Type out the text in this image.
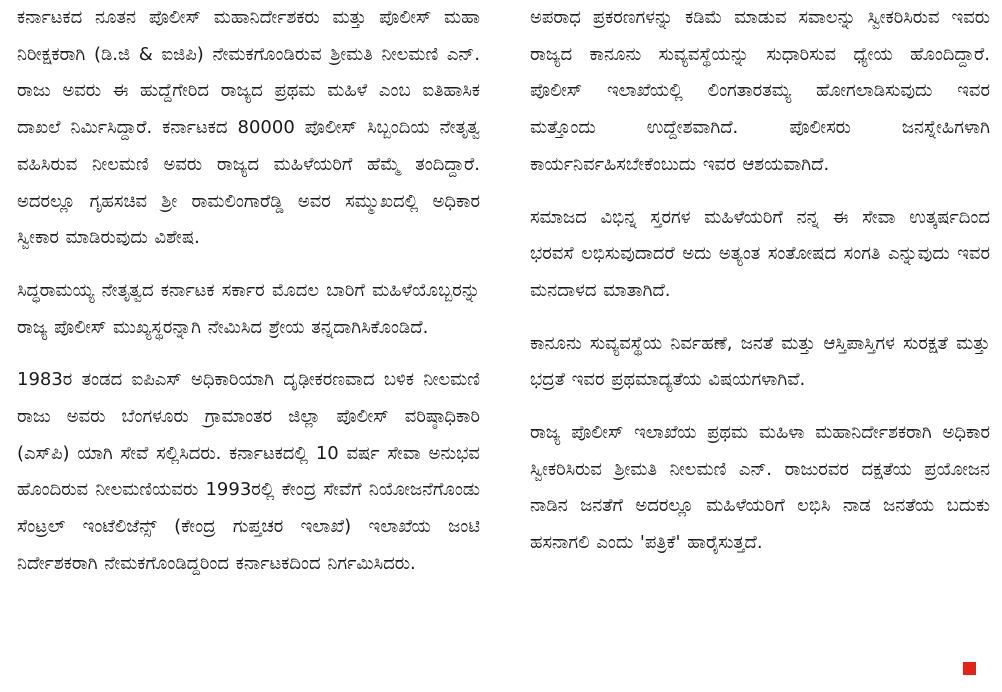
ಕರ್ನಾಟಕದ ನೂತನ ಪೊಲೀಸ್ ಮಹಾನಿರ್ದೇಶಕರು ಮತ್ತು ಪೊಲೀಸ್ ಮಹಾ ನಿರೀಕ್ಷಕರಾಗಿ (ಡಿ.ಜಿ & ಐಜಿಪಿ) ನೇಮಕಗೊಂಡಿರುವ ಶ್ರೀಮತಿ ನೀಲಮಣಿ ಎನ್. ರಾಜು ಅವರು ಈ ಹುದ್ದೆಗೇರಿದ ರಾಜ್ಯದ ಪ್ರಥಮ ಮಹಿಳೆ ಎಂಬ ಐತಿಹಾಸಿಕ ದಾಖಲೆ ನಿರ್ಮಿಸಿದ್ದಾರೆ. ಕರ್ನಾಟಕದ 80000 ಪೊಲೀಸ್ ಸಿಬ್ಬಂದಿಯ ನೇತೃತ್ವ ವಹಿಸಿರುವ ನೀಲಮಣಿ ಅವರು ರಾಜ್ಯದ ಮಹಿಳೆಯರಿಗೆ ಹೆಮ್ಮೆ ತಂದಿದ್ದಾರೆ. ಅದರಲ್ಲೂ ಗೃಹಸಚಿವ ಶ್ರೀ ರಾಮಲಿಂಗಾರೆಡ್ಡಿ ಅವರ ಸಮ್ಮುಖದಲ್ಲಿ ಅಧಿಕಾರ ಸ್ವೀಕಾರ ಮಾಡಿರುವುದು ವಿಶೇಷ.

ಸಿದ್ಧರಾಮಯ್ಯ ನೇತೃತ್ವದ ಕರ್ನಾಟಕ ಸರ್ಕಾರ ಮೊದಲ ಬಾರಿಗೆ ಮಹಿಳೆಯೊಬ್ಬರನ್ನು ರಾಜ್ಯ ಪೊಲೀಸ್ ಮುಖ್ಯಸ್ಥರನ್ನಾಗಿ ನೇಮಿಸಿದ ಶ್ರೇಯ ತನ್ನದಾಗಿಸಿಕೊಂಡಿದೆ.

1983ರ ತಂಡದ ಐಪಿಎಸ್ ಅಧಿಕಾರಿಯಾಗಿ ದೃಢೀಕರಣವಾದ ಬಳಿಕ ನೀಲಮಣಿ ರಾಜು ಅವರು ಬೆಂಗಳೂರು ಗ್ರಾಮಾಂತರ ಜಿಲ್ಲಾ ಪೊಲೀಸ್ ವರಿಷ್ಠಾಧಿಕಾರಿ (ಎಸ್‌ಪಿ) ಯಾಗಿ ಸೇವೆ ಸಲ್ಲಿಸಿದರು. ಕರ್ನಾಟಕದಲ್ಲಿ 10 ವರ್ಷ ಸೇವಾ ಅನುಭವ ಹೊಂದಿರುವ ನೀಲಮಣಿಯವರು 1993ರಲ್ಲಿ ಕೇಂದ್ರ ಸೇವೆಗೆ ನಿಯೋಜನೆಗೊಂಡು ಸೆಂಟ್ರಲ್ ಇಂಟೆಲಿಜೆನ್ಸ್ (ಕೇಂದ್ರ ಗುಪ್ತಚರ ಇಲಾಖೆ) ಇಲಾಖೆಯ ಜಂಟಿ ನಿರ್ದೇಶಕರಾಗಿ ನೇಮಕಗೊಂಡಿದ್ದರಿಂದ ಕರ್ನಾಟಕದಿಂದ ನಿರ್ಗಮಿಸಿದರು.

ಅಪರಾಧ ಪ್ರಕರಣಗಳನ್ನು ಕಡಿಮೆ ಮಾಡುವ ಸವಾಲನ್ನು ಸ್ವೀಕರಿಸಿರುವ ಇವರು ರಾಜ್ಯದ ಕಾನೂನು ಸುವ್ಯವಸ್ಥೆಯನ್ನು ಸುಧಾರಿಸುವ ಧ್ಯೇಯ ಹೊಂದಿದ್ದಾರೆ. ಪೊಲೀಸ್ ಇಲಾಖೆಯಲ್ಲಿ ಲಿಂಗತಾರತಮ್ಯ ಹೋಗಲಾಡಿಸುವುದು ಇವರ ಮತ್ತೊಂದು ಉದ್ದೇಶವಾಗಿದೆ. ಪೊಲೀಸರು ಜನಸ್ನೇಹಿಗಳಾಗಿ ಕಾರ್ಯನಿರ್ವಹಿಸಬೇಕೆಂಬುದು ಇವರ ಆಶಯವಾಗಿದೆ.

ಸಮಾಜದ ವಿಭಿನ್ನ ಸ್ತರಗಳ ಮಹಿಳೆಯರಿಗೆ ನನ್ನ ಈ ಸೇವಾ ಉತ್ಕರ್ಷದಿಂದ ಭರವಸೆ ಲಭಿಸುವುದಾದರೆ ಅದು ಅತ್ಯಂತ ಸಂತೋಷದ ಸಂಗತಿ ಎನ್ನುವುದು ಇವರ ಮನದಾಳದ ಮಾತಾಗಿದೆ.

ಕಾನೂನು ಸುವ್ಯವಸ್ಥೆಯ ನಿರ್ವಹಣೆ, ಜನತೆ ಮತ್ತು ಆಸ್ತಿಪಾಸ್ತಿಗಳ ಸುರಕ್ಷತೆ ಮತ್ತು ಭದ್ರತೆ ಇವರ ಪ್ರಥಮಾದ್ಯತೆಯ ವಿಷಯಗಳಾಗಿವೆ.

ರಾಜ್ಯ ಪೊಲೀಸ್ ಇಲಾಖೆಯ ಪ್ರಥಮ ಮಹಿಳಾ ಮಹಾನಿರ್ದೇಶಕರಾಗಿ ಅಧಿಕಾರ ಸ್ವೀಕರಿಸಿರುವ ಶ್ರೀಮತಿ ನೀಲಮಣಿ ಎನ್. ರಾಜುರವರ ದಕ್ಷತೆಯ ಪ್ರಯೋಜನ ನಾಡಿನ ಜನತೆಗೆ ಅದರಲ್ಲೂ ಮಹಿಳೆಯರಿಗೆ ಲಭಿಸಿ ನಾಡ ಜನತೆಯ ಬದುಕು ಹಸನಾಗಲಿ ಎಂದು 'ಪತ್ರಿಕೆ' ಹಾರೈಸುತ್ತದೆ.
